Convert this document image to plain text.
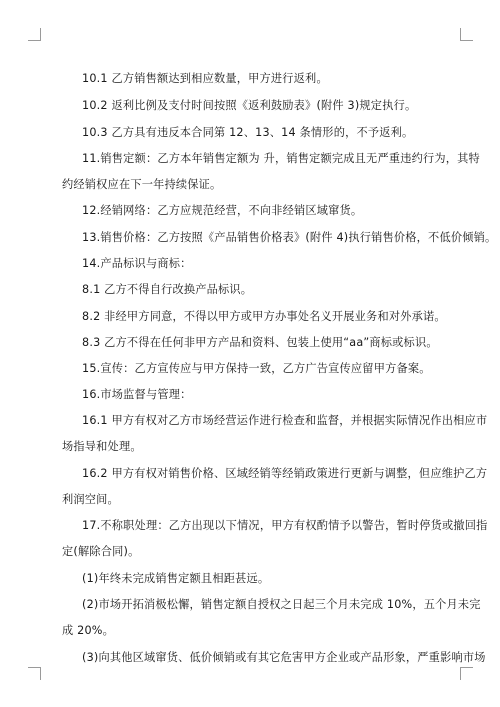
10.1 乙方销售额达到相应数量，甲方进行返利。
10.2 返利比例及支付时间按照《返利鼓励表》(附件 3)规定执行。
10.3 乙方具有违反本合同第 12、13、14 条情形的，不予返利。
11.销售定额：乙方本年销售定额为 升，销售定额完成且无严重违约行为，其特
约经销权应在下一年持续保证。
12.经销网络：乙方应规范经营，不向非经销区域窜货。
13.销售价格：乙方按照《产品销售价格表》(附件 4)执行销售价格，不低价倾销。
14.产品标识与商标：
8.1 乙方不得自行改换产品标识。
8.2 非经甲方同意，不得以甲方或甲方办事处名义开展业务和对外承诺。
8.3 乙方不得在任何非甲方产品和资料、包装上使用“aa”商标或标识。
15.宣传：乙方宣传应与甲方保持一致，乙方广告宣传应留甲方备案。
16.市场监督与管理：
16.1 甲方有权对乙方市场经营运作进行检查和监督，并根据实际情况作出相应市
场指导和处理。
16.2 甲方有权对销售价格、区域经销等经销政策进行更新与调整，但应维护乙方
利润空间。
17.不称职处理：乙方出现以下情况，甲方有权酌情予以警告，暂时停货或撤回指
定(解除合同)。
(1)年终未完成销售定额且相距甚远。
(2)市场开拓消极松懈，销售定额自授权之日起三个月未完成 10%，五个月未完
成 20%。
(3)向其他区域窜货、低价倾销或有其它危害甲方企业或产品形象，严重影响市场
